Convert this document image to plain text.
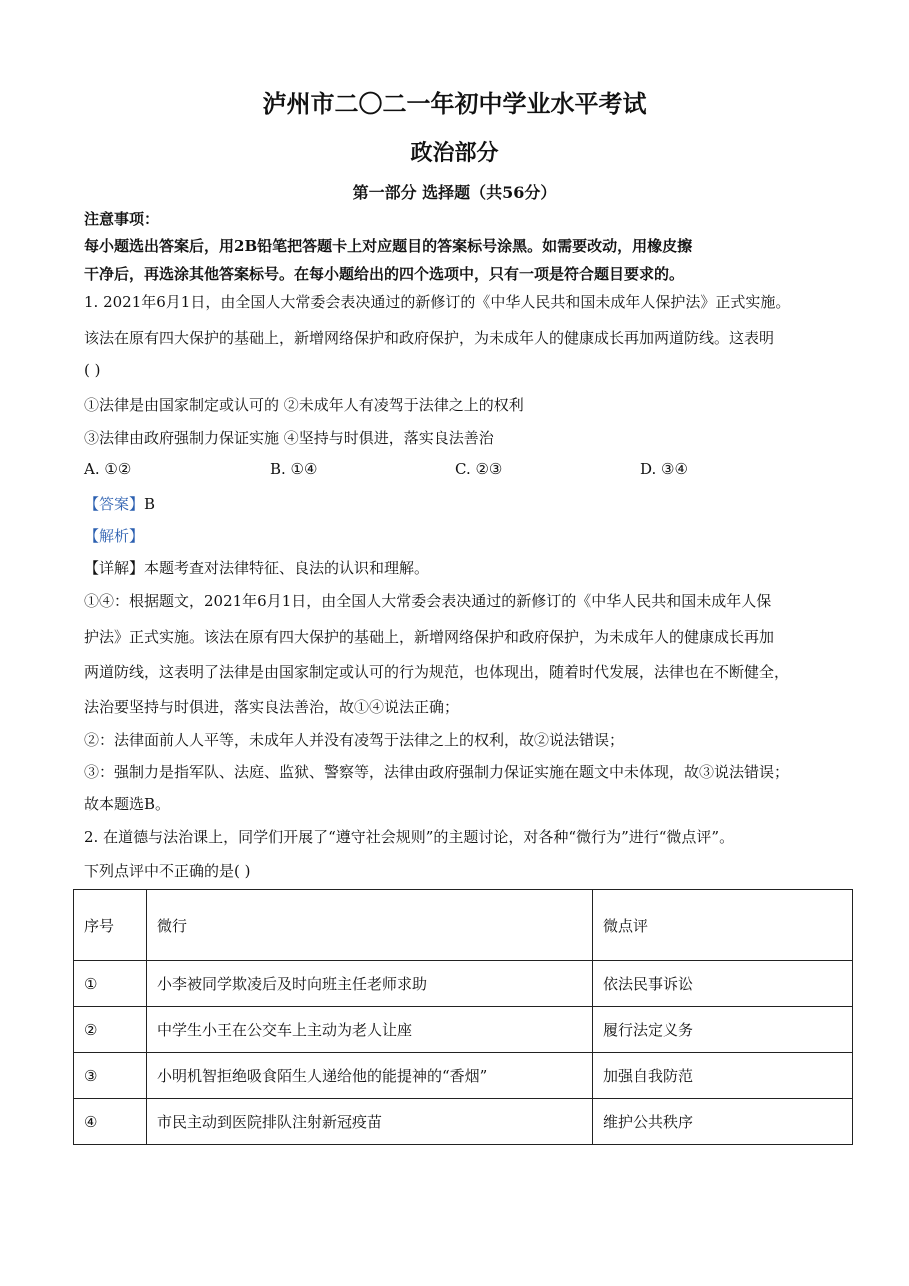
泸州市二〇二一年初中学业水平考试
政治部分
第一部分 选择题（共56分）
注意事项：
每小题选出答案后，用2B铅笔把答题卡上对应题目的答案标号涂黑。如需要改动，用橡皮擦
干净后，再选涂其他答案标号。在每小题给出的四个选项中，只有一项是符合题目要求的。
1. 2021年6月1日，由全国人大常委会表决通过的新修订的《中华人民共和国未成年人保护法》正式实施。
该法在原有四大保护的基础上，新增网络保护和政府保护，为未成年人的健康成长再加两道防线。这表明
( )
①法律是由国家制定或认可的 ②未成年人有凌驾于法律之上的权利
③法律由政府强制力保证实施 ④坚持与时俱进，落实良法善治
A. ①②	B. ①④	C. ②③	D. ③④
【答案】B
【解析】
【详解】本题考查对法律特征、良法的认识和理解。
①④：根据题文，2021年6月1日，由全国人大常委会表决通过的新修订的《中华人民共和国未成年人保
护法》正式实施。该法在原有四大保护的基础上，新增网络保护和政府保护，为未成年人的健康成长再加
两道防线，这表明了法律是由国家制定或认可的行为规范，也体现出，随着时代发展，法律也在不断健全，
法治要坚持与时俱进，落实良法善治，故①④说法正确；
②：法律面前人人平等，未成年人并没有凌驾于法律之上的权利，故②说法错误；
③：强制力是指军队、法庭、监狱、警察等，法律由政府强制力保证实施在题文中未体现，故③说法错误；
故本题选B。
2. 在道德与法治课上，同学们开展了“遵守社会规则”的主题讨论，对各种“微行为”进行“微点评”。
下列点评中不正确的是( )
序号	微行	微点评
①	小李被同学欺凌后及时向班主任老师求助	依法民事诉讼
②	中学生小王在公交车上主动为老人让座	履行法定义务
③	小明机智拒绝吸食陌生人递给他的能提神的“香烟”	加强自我防范
④	市民主动到医院排队注射新冠疫苗	维护公共秩序
